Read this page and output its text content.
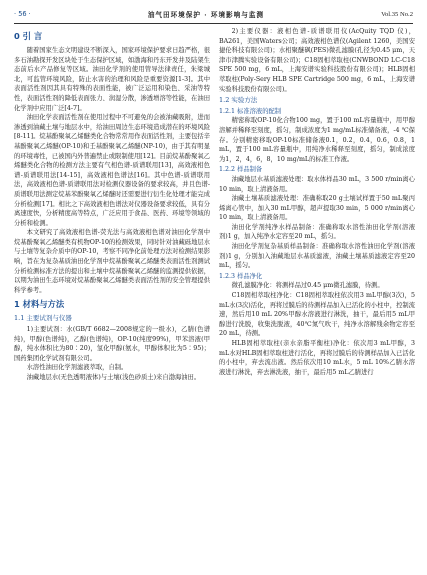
· 56 ·	油气田环境保护 · 环境影响与监测	Vol.35 No.2
0 引 言

随着国家生态文明建设不断深入，国家环境保护要求日趋严格，很多石油勘探开发区块处于生态保护区域，如渤海和丹东开发井及陆架生态前后水产品修复等区域。油田化学剂的使用管导法律责任，朱梁城北，可监管环境风险，防止水害的治理和风险是重要资源[1-3]。其中表面活性剂因其具有特殊的表面性能，被广泛运用和染色、采油等特性，表面活性剂的降低表面张力、润湿分散，渗透增溶等性能，在油田化学剂中应用广泛[4-7]。

油田化学表面活性剂在使用过程中不可避免的会被油藏吸附，进而渗透到油藏土壤与地层水中，给油田周边生态环境造成潜在的环境风险[8-11]。烷基酚聚氧乙烯醚类化合物常常用作表面活性剂，主要包括辛基酚聚氧乙烯醚(OP-10)和壬基酚聚氧乙烯醚(NP-10)，由于其有明显的环境毒性，已被国内外普遍禁止或限制使用[12]。目前烷基酚聚氧乙烯醚类化合物的检测方法主要有气相色谱-质谱联用[13]，高效液相色谱-质谱联用法[14-15]，高效液相色谱法[16]。其中色谱-质谱联用法，高效液相色谱-质谱联用法对检测仪器设备的要求较高，并且色谱-质谱联用法测定烷基苯酚聚氧乙烯醚时还需要进行衍生化处理才能完成分析检测[17]。相比之下高效液相色谱法对仪器设备要求较低，具有分离速度快，分析精度高等特点，广泛应用于食品、医药、环境等领域的分析和检测。

本文研究了高效液相色谱-荧光法与高效液相色谱对油田化学剂中烷基酚聚氧乙烯醚类有机物OP-10的检测效果，同时针对油藏砾地层水与土壤等复杂介质中的OP-10，考察不同净化前处理方法对检测结果影响，旨在为复杂基质油田化学剂中烷基酚聚氧乙烯醚类表面活性剂测试分析检测标准方法的提出和土壤中烷基酚聚氧乙烯醚的监测提供依据，以期为油田生态环境对烷基酚聚氧乙烯醚类表面活性剂的安全管理提供科学参考。

1 材料与方法
1.1 主要试剂与仪器

1)主要试剂：水(GB/T 6682—2008规定的一级水)，乙腈(色谱纯)，甲醇(色谱纯)，乙醇(色谱纯)，OP-10(纯度99%)，甲苯溶液(甲醇，纯水体积比为80∶20)，氢化甲醇(氨水，甲醇体积比为5∶95)；国药集团化学试剂有限公司。

水溶性油田化学剂滤液萃取，自制。

油藏地层水(无色透明液体)与土壤(浅色砂质土)来自渤海油田。

2)主要仪器：液相色谱-质谱联用仪(AcQuity TQD 仪)，BA261，美国Waters公司；高效液相色谱仪(Agilent 1260，美国安捷伦科技有限公司)；水相聚醚砜(PES)微孔滤膜(孔径为0.45 μm，天津市津腾实验设备有限公司)；C18固相萃取柱(CNWBOND LC-C18 SPE 500 mg，6 mL，上海安谱实验科技股份有限公司)；HLB固相萃取柱(Poly-Sery HLB SPE Cartridge 500 mg，6 mL，上海安谱实验科技股份有限公司)。

1.2 实验方法
1.2.1 标准溶液的配制

精密称取OP-10化合物100 mg，置于100 mL容量瓶中，用甲醇溶解并稀释至刻度，摇匀，制成浓度为1 mg/mL标准储备液，-4 ℃保存。分别精密移取OP-10标准储备液0.1，0.2，0.4，0.6，0.8，1 mL，置于100 mL容量瓶中，用纯净水稀释至刻度，摇匀，制成浓度为1，2，4，6，8，10 mg/mL的标准工作液。

1.2.2 样品制备

油藏地层水基质滤液处理：取水体样品30 mL，3 500 r/min离心10 min，取上清液备用。

油藏土壤基质滤液处理：准确称取20 g土壤试样置于50 mL聚丙烯离心管中，加入30 mL甲醇，超声提取30 min，5 000 r/min离心10 min，取上清液备用。

油田化学剂纯净水样品制备：准确称取水溶性油田化学剂(溶液剂)1 g，加入纯净水定容至20 mL，摇匀。

油田化学剂复杂基质样品制备：准确称取水溶性油田化学剂(溶液剂)1 g，分别加入油藏地层水基质滤液，油藏土壤基质滤液定容至20 mL，摇匀。

1.2.3 样品净化

微孔滤膜净化：将测样品过0.45 μm微孔滤膜，待测。

C18固相萃取柱净化：C18固相萃取柱依次用3 mL甲醇(3次)，5 mL水(3次)活化，再将过膜后的待测样品加入已活化的小柱中，控制流速，然后用10 mL 20%甲醇水溶液进行淋洗，抽干，最后用5 mL甲醇进行洗脱，收集洗脱液，40℃氮气吹干，纯净水溶解残余物定容至20 mL，待测。

HLB固相萃取柱(亲水亲脂平衡柱)净化：依次用3 mL甲醇，3 mL水对HLB固相萃取柱进行活化，再将过膜后的待测样品加入已活化的小柱中，弃去流出液。然后依次用10 mL水，5 mL 10%乙腈水溶液进行淋洗，弃去淋洗液，抽干，最后用5 mL乙腈进行
